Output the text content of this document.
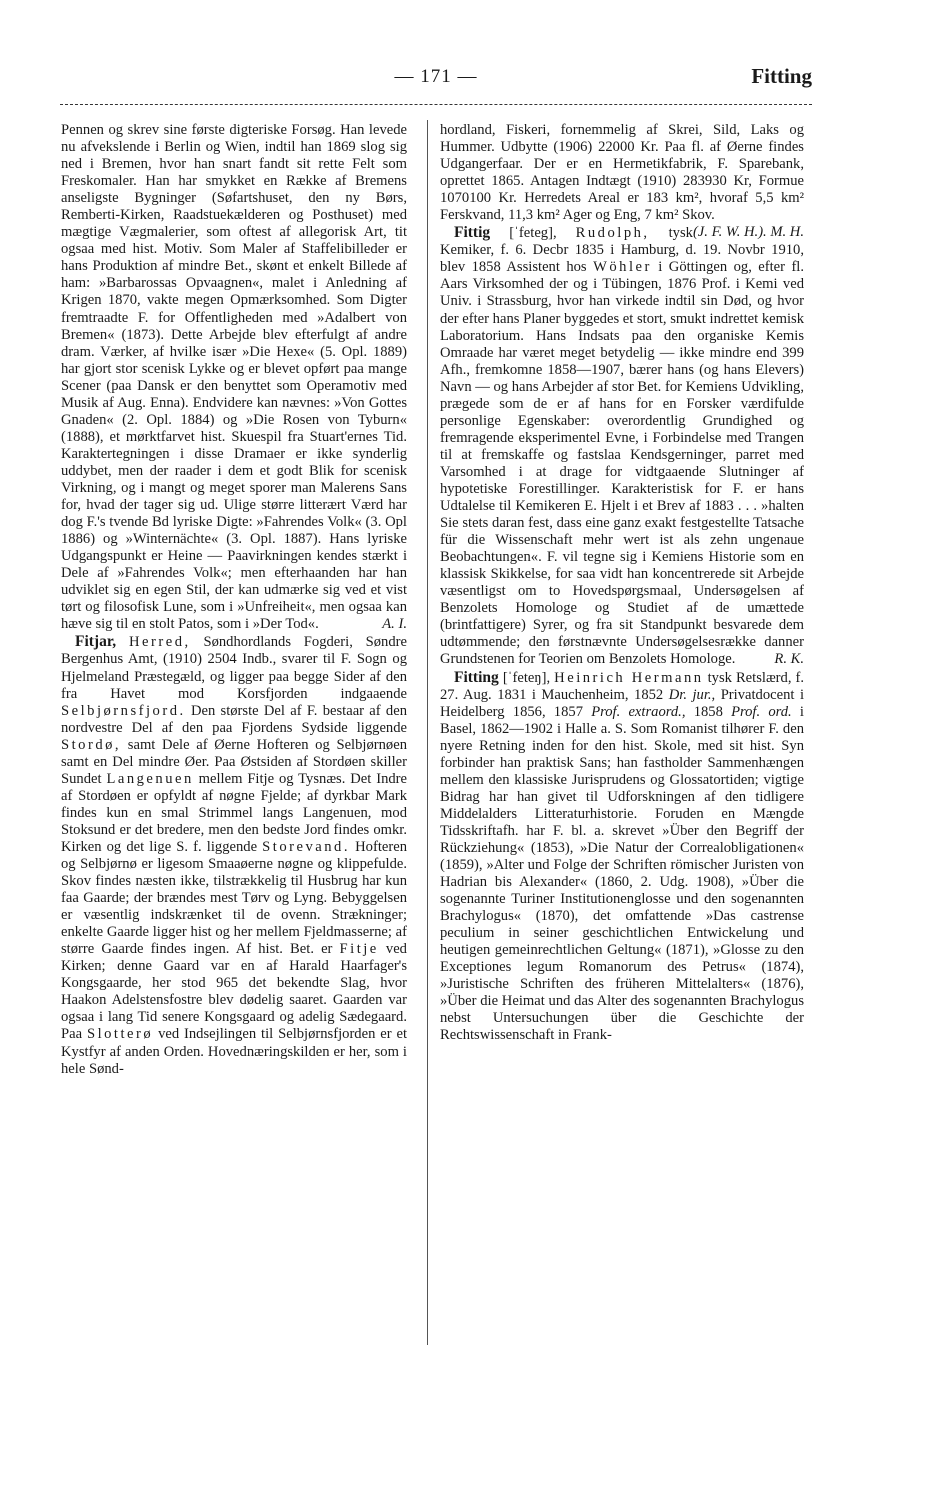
— 171 —	Fitting

Pennen og skrev sine første digteriske Forsøg. Han levede nu afvekslende i Berlin og Wien, indtil han 1869 slog sig ned i Bremen, hvor han snart fandt sit rette Felt som Freskomaler. Han har smykket en Række af Bremens anseligste Bygninger (Søfartshuset, den ny Børs, Remberti-Kirken, Raadstuekælderen og Posthuset) med mægtige Vægmalerier, som oftest af allegorisk Art, tit ogsaa med hist. Motiv. Som Maler af Staffelibilleder er hans Produktion af mindre Bet., skønt et enkelt Billede af ham: »Barbarossas Opvaagnen«, malet i Anledning af Krigen 1870, vakte megen Opmærksomhed. Som Digter fremtraadte F. for Offentligheden med »Adalbert von Bremen« (1873). Dette Arbejde blev efterfulgt af andre dram. Værker, af hvilke især »Die Hexe« (5. Opl. 1889) har gjort stor scenisk Lykke og er blevet opført paa mange Scener (paa Dansk er den benyttet som Operamotiv med Musik af Aug. Enna). Endvidere kan nævnes: »Von Gottes Gnaden« (2. Opl. 1884) og »Die Rosen von Tyburn« (1888), et mørktfarvet hist. Skuespil fra Stuart'ernes Tid. Karaktertegningen i disse Dramaer er ikke synderlig uddybet, men der raader i dem et godt Blik for scenisk Virkning, og i mangt og meget sporer man Malerens Sans for, hvad der tager sig ud. Ulige større litterært Værd har dog F.'s tvende Bd lyriske Digte: »Fahrendes Volk« (3. Opl 1886) og »Winternächte« (3. Opl. 1887). Hans lyriske Udgangspunkt er Heine — Paavirkningen kendes stærkt i Dele af »Fahrendes Volk«; men efterhaanden har han udviklet sig en egen Stil, der kan udmærke sig ved et vist tørt og filosofisk Lune, som i »Unfreiheit«, men ogsaa kan hæve sig til en stolt Patos, som i »Der Tod«.	A. I.

Fitjar, Herred, Søndhordlands Fogderi, Søndre Bergenhus Amt, (1910) 2504 Indb., svarer til F. Sogn og Hjelmeland Præstegæld, og ligger paa begge Sider af den fra Havet mod Korsfjorden indgaaende Selbjørnsfjord. Den største Del af F. bestaar af den nordvestre Del af den paa Fjordens Sydside liggende Stordø, samt Dele af Øerne Hofteren og Selbjørnøen samt en Del mindre Øer. Paa Østsiden af Stordøen skiller Sundet Langenuen mellem Fitje og Tysnæs. Det Indre af Stordøen er opfyldt af nøgne Fjelde; af dyrkbar Mark findes kun en smal Strimmel langs Langenuen, mod Stoksund er det bredere, men den bedste Jord findes omkr. Kirken og det lige S. f. liggende Storevand. Hofteren og Selbjørnø er ligesom Smaaøerne nøgne og klippefulde. Skov findes næsten ikke, tilstrækkelig til Husbrug har kun faa Gaarde; der brændes mest Tørv og Lyng. Bebyggelsen er væsentlig indskrænket til de ovenn. Strækninger; enkelte Gaarde ligger hist og her mellem Fjeldmasserne; af større Gaarde findes ingen. Af hist. Bet. er Fitje ved Kirken; denne Gaard var en af Harald Haarfager's Kongsgaarde, her stod 965 det bekendte Slag, hvor Haakon Adelstensfostre blev dødelig saaret. Gaarden var ogsaa i lang Tid senere Kongsgaard og adelig Sædegaard. Paa Slotterø ved Indsejlingen til Selbjørnsfjorden er et Kystfyr af anden Orden. Hovednæringskilden er her, som i hele Sønd-

hordland, Fiskeri, fornemmelig af Skrei, Sild, Laks og Hummer. Udbytte (1906) 22000 Kr. Paa fl. af Øerne findes Udgangerfaar. Der er en Hermetikfabrik, F. Sparebank, oprettet 1865. Antagen Indtægt (1910) 283930 Kr, Formue 1070100 Kr. Herredets Areal er 183 km², hvoraf 5,5 km² Ferskvand, 11,3 km² Ager og Eng, 7 km² Skov.
(J. F. W. H.). M. H.

Fittig [ˈfeteg], Rudolph, tysk Kemiker, f. 6. Decbr 1835 i Hamburg, d. 19. Novbr 1910, blev 1858 Assistent hos Wöhler i Göttingen og, efter fl. Aars Virksomhed der og i Tübingen, 1876 Prof. i Kemi ved Univ. i Strassburg, hvor han virkede indtil sin Død, og hvor der efter hans Planer byggedes et stort, smukt indrettet kemisk Laboratorium. Hans Indsats paa den organiske Kemis Omraade har været meget betydelig — ikke mindre end 399 Afh., fremkomne 1858—1907, bærer hans (og hans Elevers) Navn — og hans Arbejder af stor Bet. for Kemiens Udvikling, prægede som de er af hans for en Forsker værdifulde personlige Egenskaber: overordentlig Grundighed og fremragende eksperimentel Evne, i Forbindelse med Trangen til at fremskaffe og fastslaa Kendsgerninger, parret med Varsomhed i at drage for vidtgaaende Slutninger af hypotetiske Forestillinger. Karakteristisk for F. er hans Udtalelse til Kemikeren E. Hjelt i et Brev af 1883 . . . »halten Sie stets daran fest, dass eine ganz exakt festgestellte Tatsache für die Wissenschaft mehr wert ist als zehn ungenaue Beobachtungen«. F. vil tegne sig i Kemiens Historie som en klassisk Skikkelse, for saa vidt han koncentrerede sit Arbejde væsentligst om to Hovedspørgsmaal, Undersøgelsen af Benzolets Homologe og Studiet af de umættede (brintfattigere) Syrer, og fra sit Standpunkt besvarede dem udtømmende; den førstnævnte Undersøgelsesrække danner Grundstenen for Teorien om Benzolets Homologe.	R. K.

Fitting [ˈfeteŋ], Heinrich Hermann tysk Retslærd, f. 27. Aug. 1831 i Mauchenheim, 1852 Dr. jur., Privatdocent i Heidelberg 1856, 1857 Prof. extraord., 1858 Prof. ord. i Basel, 1862—1902 i Halle a. S. Som Romanist tilhører F. den nyere Retning inden for den hist. Skole, med sit hist. Syn forbinder han praktisk Sans; han fastholder Sammenhængen mellem den klassiske Jurisprudens og Glossatortiden; vigtige Bidrag har han givet til Udforskningen af den tidligere Middelalders Litteraturhistorie. Foruden en Mængde Tidsskriftafh. har F. bl. a. skrevet »Über den Begriff der Rückziehung« (1853), »Die Natur der Correalobligationen« (1859), »Alter und Folge der Schriften römischer Juristen von Hadrian bis Alexander« (1860, 2. Udg. 1908), »Über die sogenannte Turiner Institutionenglosse und den sogenannten Brachylogus« (1870), det omfattende »Das castrense peculium in seiner geschichtlichen Entwickelung und heutigen gemeinrechtlichen Geltung« (1871), »Glosse zu den Exceptiones legum Romanorum des Petrus« (1874), »Juristische Schriften des früheren Mittelalters« (1876), »Über die Heimat und das Alter des sogenannten Brachylogus nebst Untersuchungen über die Geschichte der Rechtswissenschaft in Frank-
